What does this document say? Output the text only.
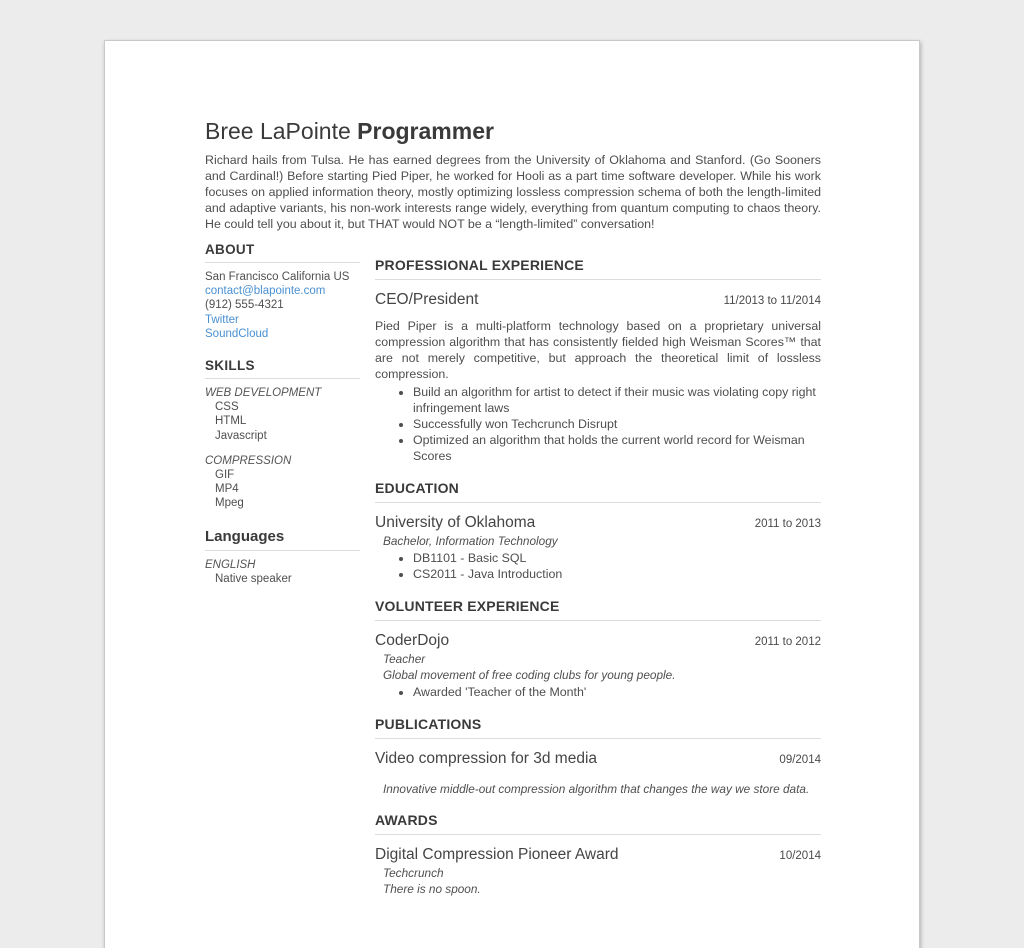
Bree LaPointe Programmer
Richard hails from Tulsa. He has earned degrees from the University of Oklahoma and Stanford. (Go Sooners and Cardinal!) Before starting Pied Piper, he worked for Hooli as a part time software developer. While his work focuses on applied information theory, mostly optimizing lossless compression schema of both the length-limited and adaptive variants, his non-work interests range widely, everything from quantum computing to chaos theory. He could tell you about it, but THAT would NOT be a “length-limited” conversation!
ABOUT
San Francisco California US
contact@blapointe.com
(912) 555-4321
Twitter
SoundCloud
SKILLS
WEB DEVELOPMENT
CSS
HTML
Javascript
COMPRESSION
GIF
MP4
Mpeg
Languages
ENGLISH
Native speaker
PROFESSIONAL EXPERIENCE
CEO/President	11/2013 to 11/2014
Pied Piper is a multi-platform technology based on a proprietary universal compression algorithm that has consistently fielded high Weisman Scores™ that are not merely competitive, but approach the theoretical limit of lossless compression.
• Build an algorithm for artist to detect if their music was violating copy right infringement laws
• Successfully won Techcrunch Disrupt
• Optimized an algorithm that holds the current world record for Weisman Scores
EDUCATION
University of Oklahoma	2011 to 2013
Bachelor, Information Technology
• DB1101 - Basic SQL
• CS2011 - Java Introduction
VOLUNTEER EXPERIENCE
CoderDojo	2011 to 2012
Teacher
Global movement of free coding clubs for young people.
• Awarded 'Teacher of the Month'
PUBLICATIONS
Video compression for 3d media	09/2014
Innovative middle-out compression algorithm that changes the way we store data.
AWARDS
Digital Compression Pioneer Award	10/2014
Techcrunch
There is no spoon.
